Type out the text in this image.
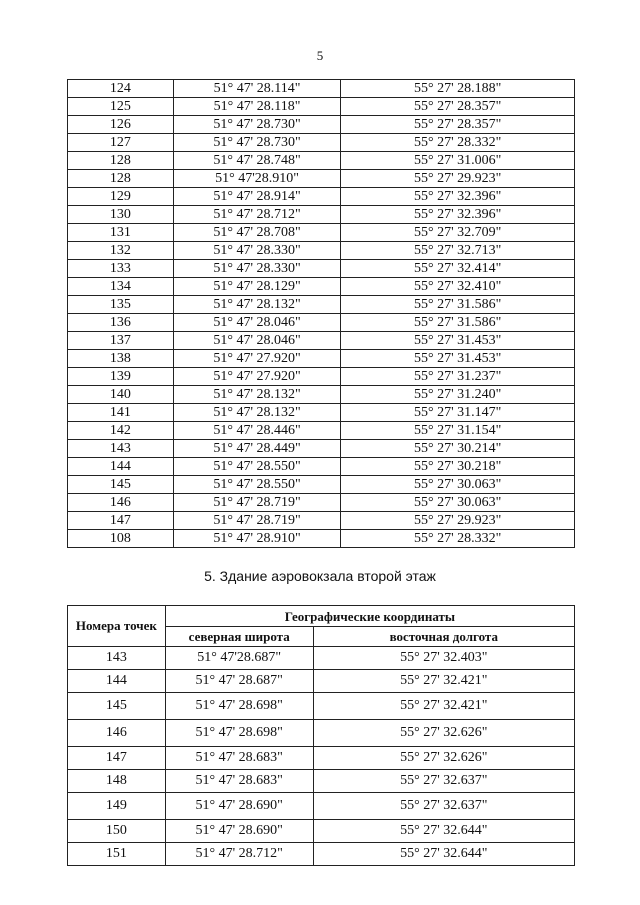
5
124	51° 47' 28.114"	55° 27' 28.188"
125	51° 47' 28.118"	55° 27' 28.357"
126	51° 47' 28.730"	55° 27' 28.357"
127	51° 47' 28.730"	55° 27' 28.332"
128	51° 47' 28.748"	55° 27' 31.006"
128	51° 47'28.910"	55° 27' 29.923"
129	51° 47' 28.914"	55° 27' 32.396"
130	51° 47' 28.712"	55° 27' 32.396"
131	51° 47' 28.708"	55° 27' 32.709"
132	51° 47' 28.330"	55° 27' 32.713"
133	51° 47' 28.330"	55° 27' 32.414"
134	51° 47' 28.129"	55° 27' 32.410"
135	51° 47' 28.132"	55° 27' 31.586"
136	51° 47' 28.046"	55° 27' 31.586"
137	51° 47' 28.046"	55° 27' 31.453"
138	51° 47' 27.920"	55° 27' 31.453"
139	51° 47' 27.920"	55° 27' 31.237"
140	51° 47' 28.132"	55° 27' 31.240"
141	51° 47' 28.132"	55° 27' 31.147"
142	51° 47' 28.446"	55° 27' 31.154"
143	51° 47' 28.449"	55° 27' 30.214"
144	51° 47' 28.550"	55° 27' 30.218"
145	51° 47' 28.550"	55° 27' 30.063"
146	51° 47' 28.719"	55° 27' 30.063"
147	51° 47' 28.719"	55° 27' 29.923"
108	51° 47' 28.910"	55° 27' 28.332"
5. Здание аэровокзала второй этаж
Номера точек	Географические координаты	
	северная широта	восточная долгота
143	51° 47'28.687"	55° 27' 32.403"
144	51° 47' 28.687"	55° 27' 32.421"
145	51° 47' 28.698"	55° 27' 32.421"
146	51° 47' 28.698"	55° 27' 32.626"
147	51° 47' 28.683"	55° 27' 32.626"
148	51° 47' 28.683"	55° 27' 32.637"
149	51° 47' 28.690"	55° 27' 32.637"
150	51° 47' 28.690"	55° 27' 32.644"
151	51° 47' 28.712"	55° 27' 32.644"
